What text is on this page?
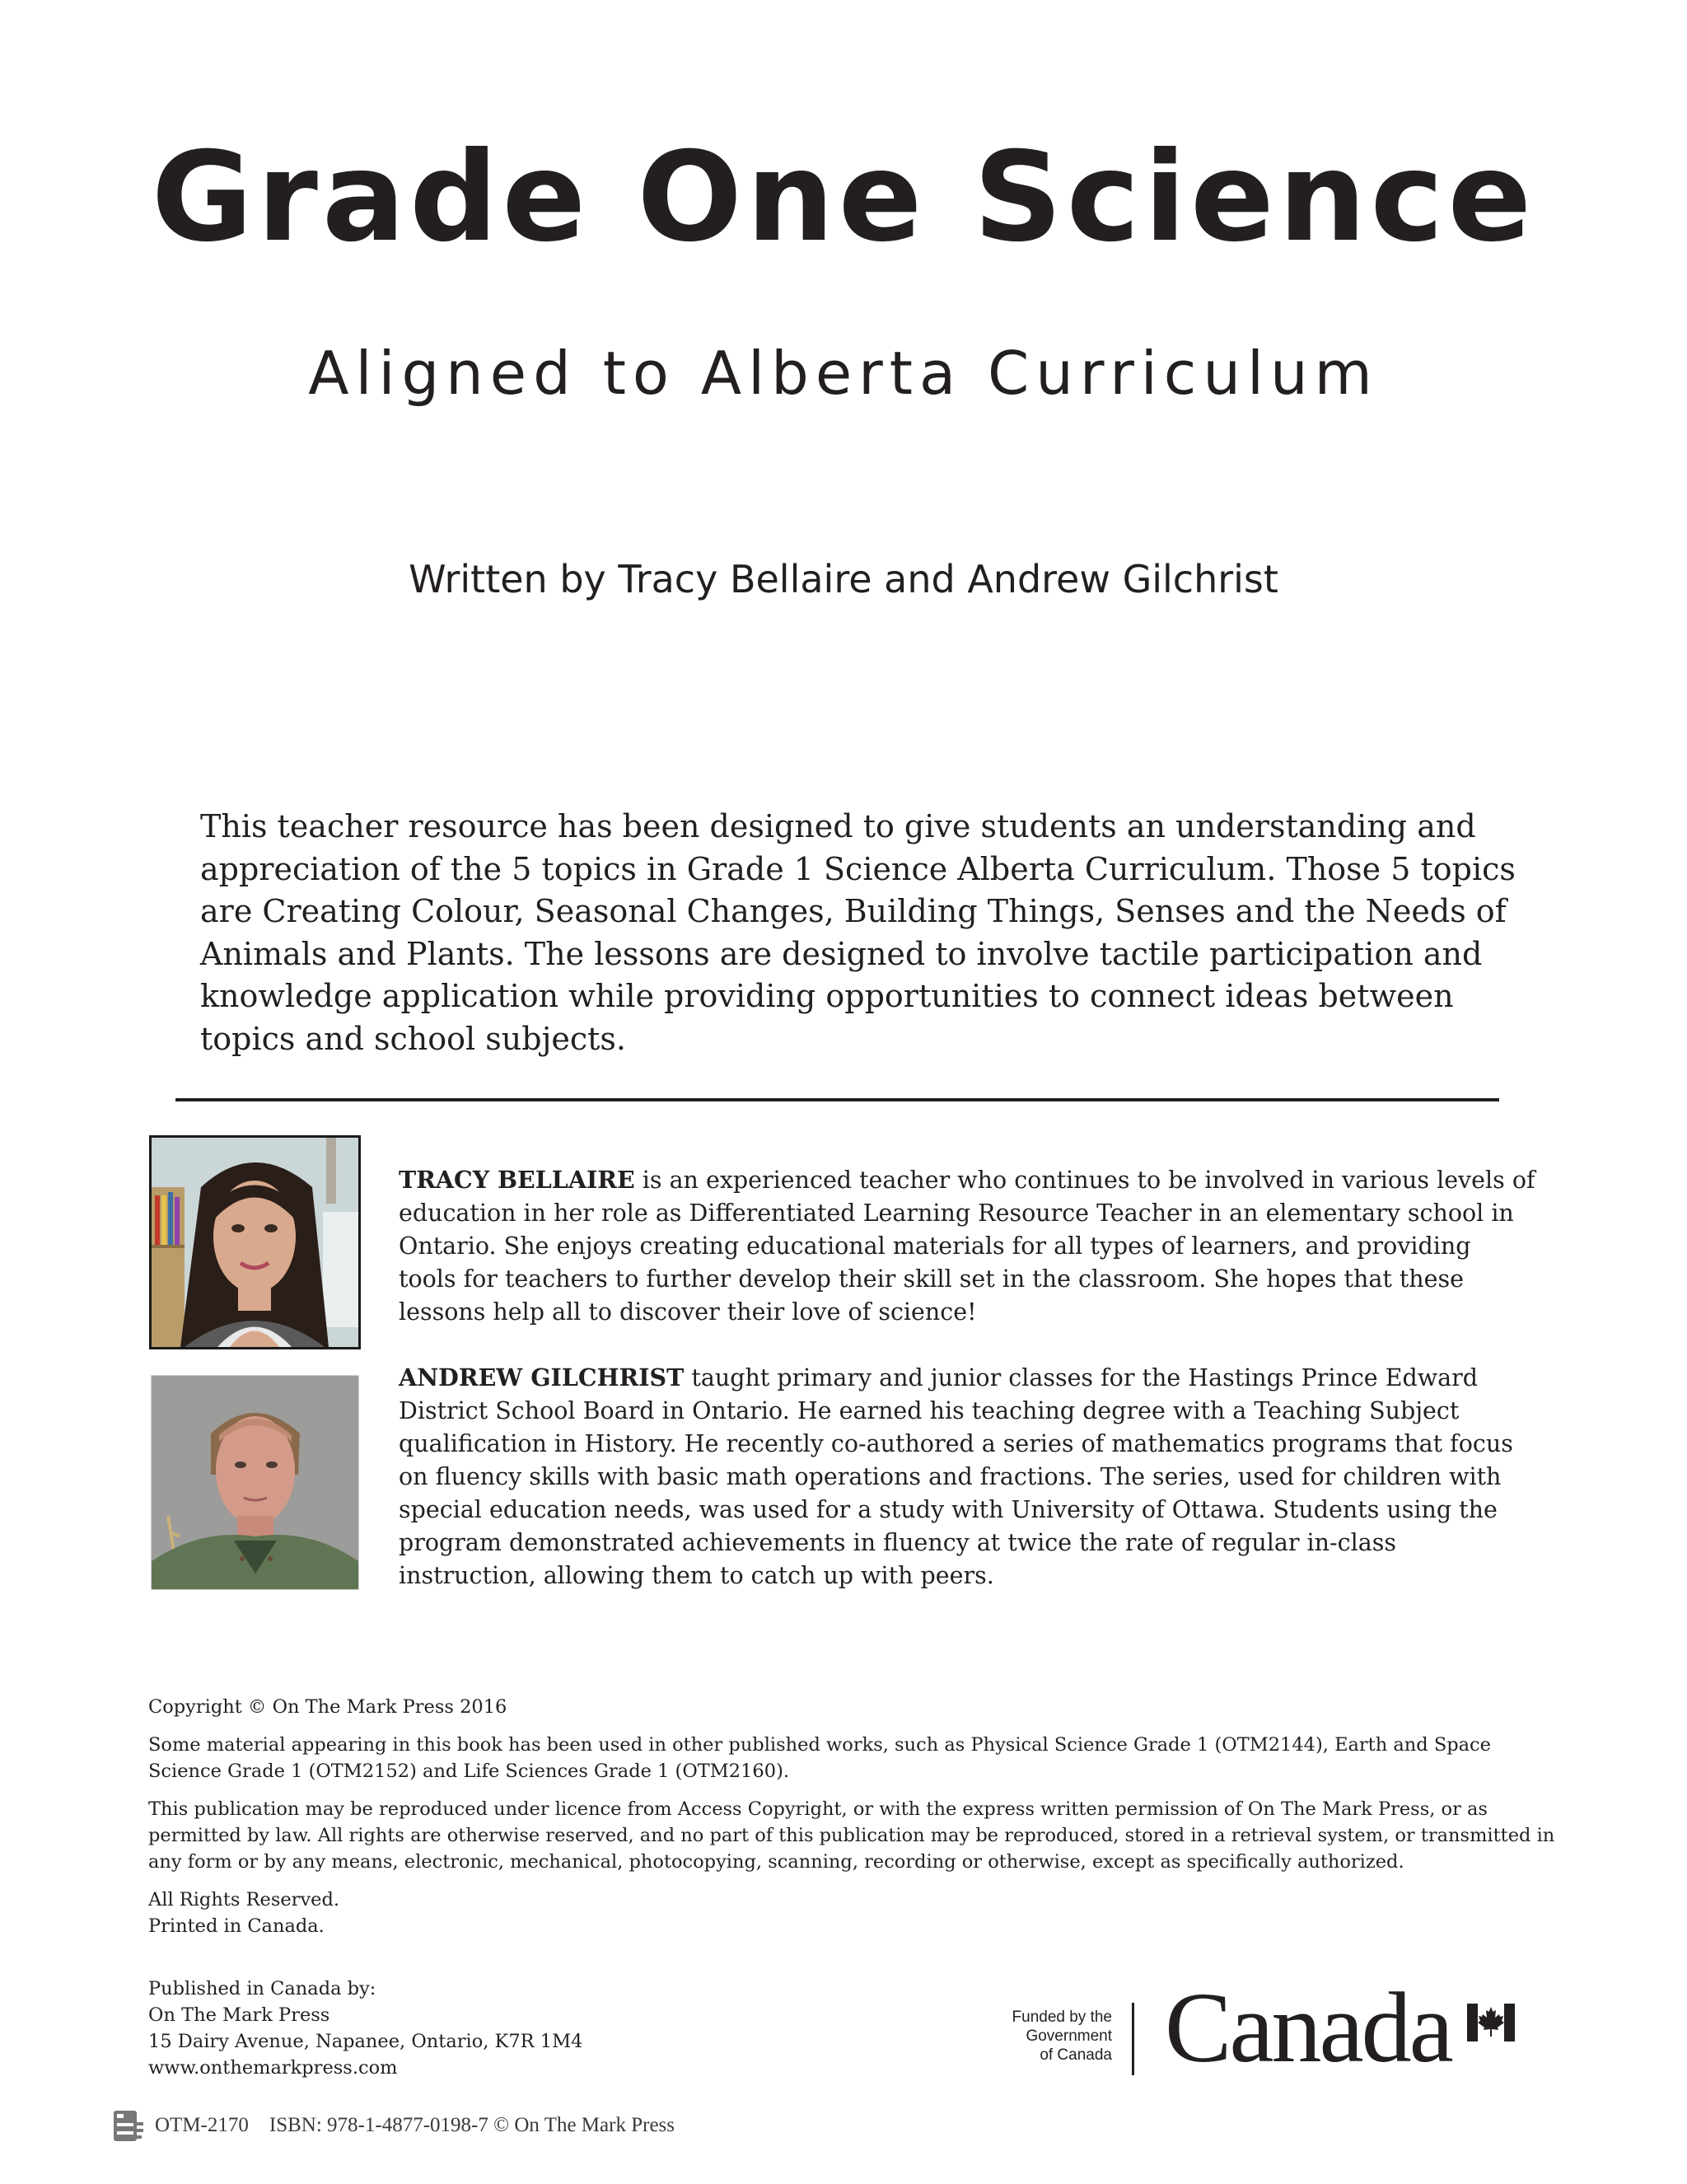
Grade One Science
Aligned to Alberta Curriculum

Written by Tracy Bellaire and Andrew Gilchrist

This teacher resource has been designed to give students an understanding and appreciation of the 5 topics in Grade 1 Science Alberta Curriculum. Those 5 topics are Creating Colour, Seasonal Changes, Building Things, Senses and the Needs of Animals and Plants. The lessons are designed to involve tactile participation and knowledge application while providing opportunities to connect ideas between topics and school subjects.

TRACY BELLAIRE is an experienced teacher who continues to be involved in various levels of education in her role as Differentiated Learning Resource Teacher in an elementary school in Ontario. She enjoys creating educational materials for all types of learners, and providing tools for teachers to further develop their skill set in the classroom. She hopes that these lessons help all to discover their love of science!

ANDREW GILCHRIST taught primary and junior classes for the Hastings Prince Edward District School Board in Ontario. He earned his teaching degree with a Teaching Subject qualification in History. He recently co-authored a series of mathematics programs that focus on fluency skills with basic math operations and fractions. The series, used for children with special education needs, was used for a study with University of Ottawa. Students using the program demonstrated achievements in fluency at twice the rate of regular in-class instruction, allowing them to catch up with peers.

Copyright © On The Mark Press 2016

Some material appearing in this book has been used in other published works, such as Physical Science Grade 1 (OTM2144), Earth and Space Science Grade 1 (OTM2152) and Life Sciences Grade 1 (OTM2160).

This publication may be reproduced under licence from Access Copyright, or with the express written permission of On The Mark Press, or as permitted by law. All rights are otherwise reserved, and no part of this publication may be reproduced, stored in a retrieval system, or transmitted in any form or by any means, electronic, mechanical, photocopying, scanning, recording or otherwise, except as specifically authorized.

All Rights Reserved.
Printed in Canada.
Published in Canada by:
On The Mark Press
15 Dairy Avenue, Napanee, Ontario, K7R 1M4
www.onthemarkpress.com
Funded by the
Government
of Canada Canada
OTM-2170 ISBN: 978-1-4877-0198-7 © On The Mark Press
